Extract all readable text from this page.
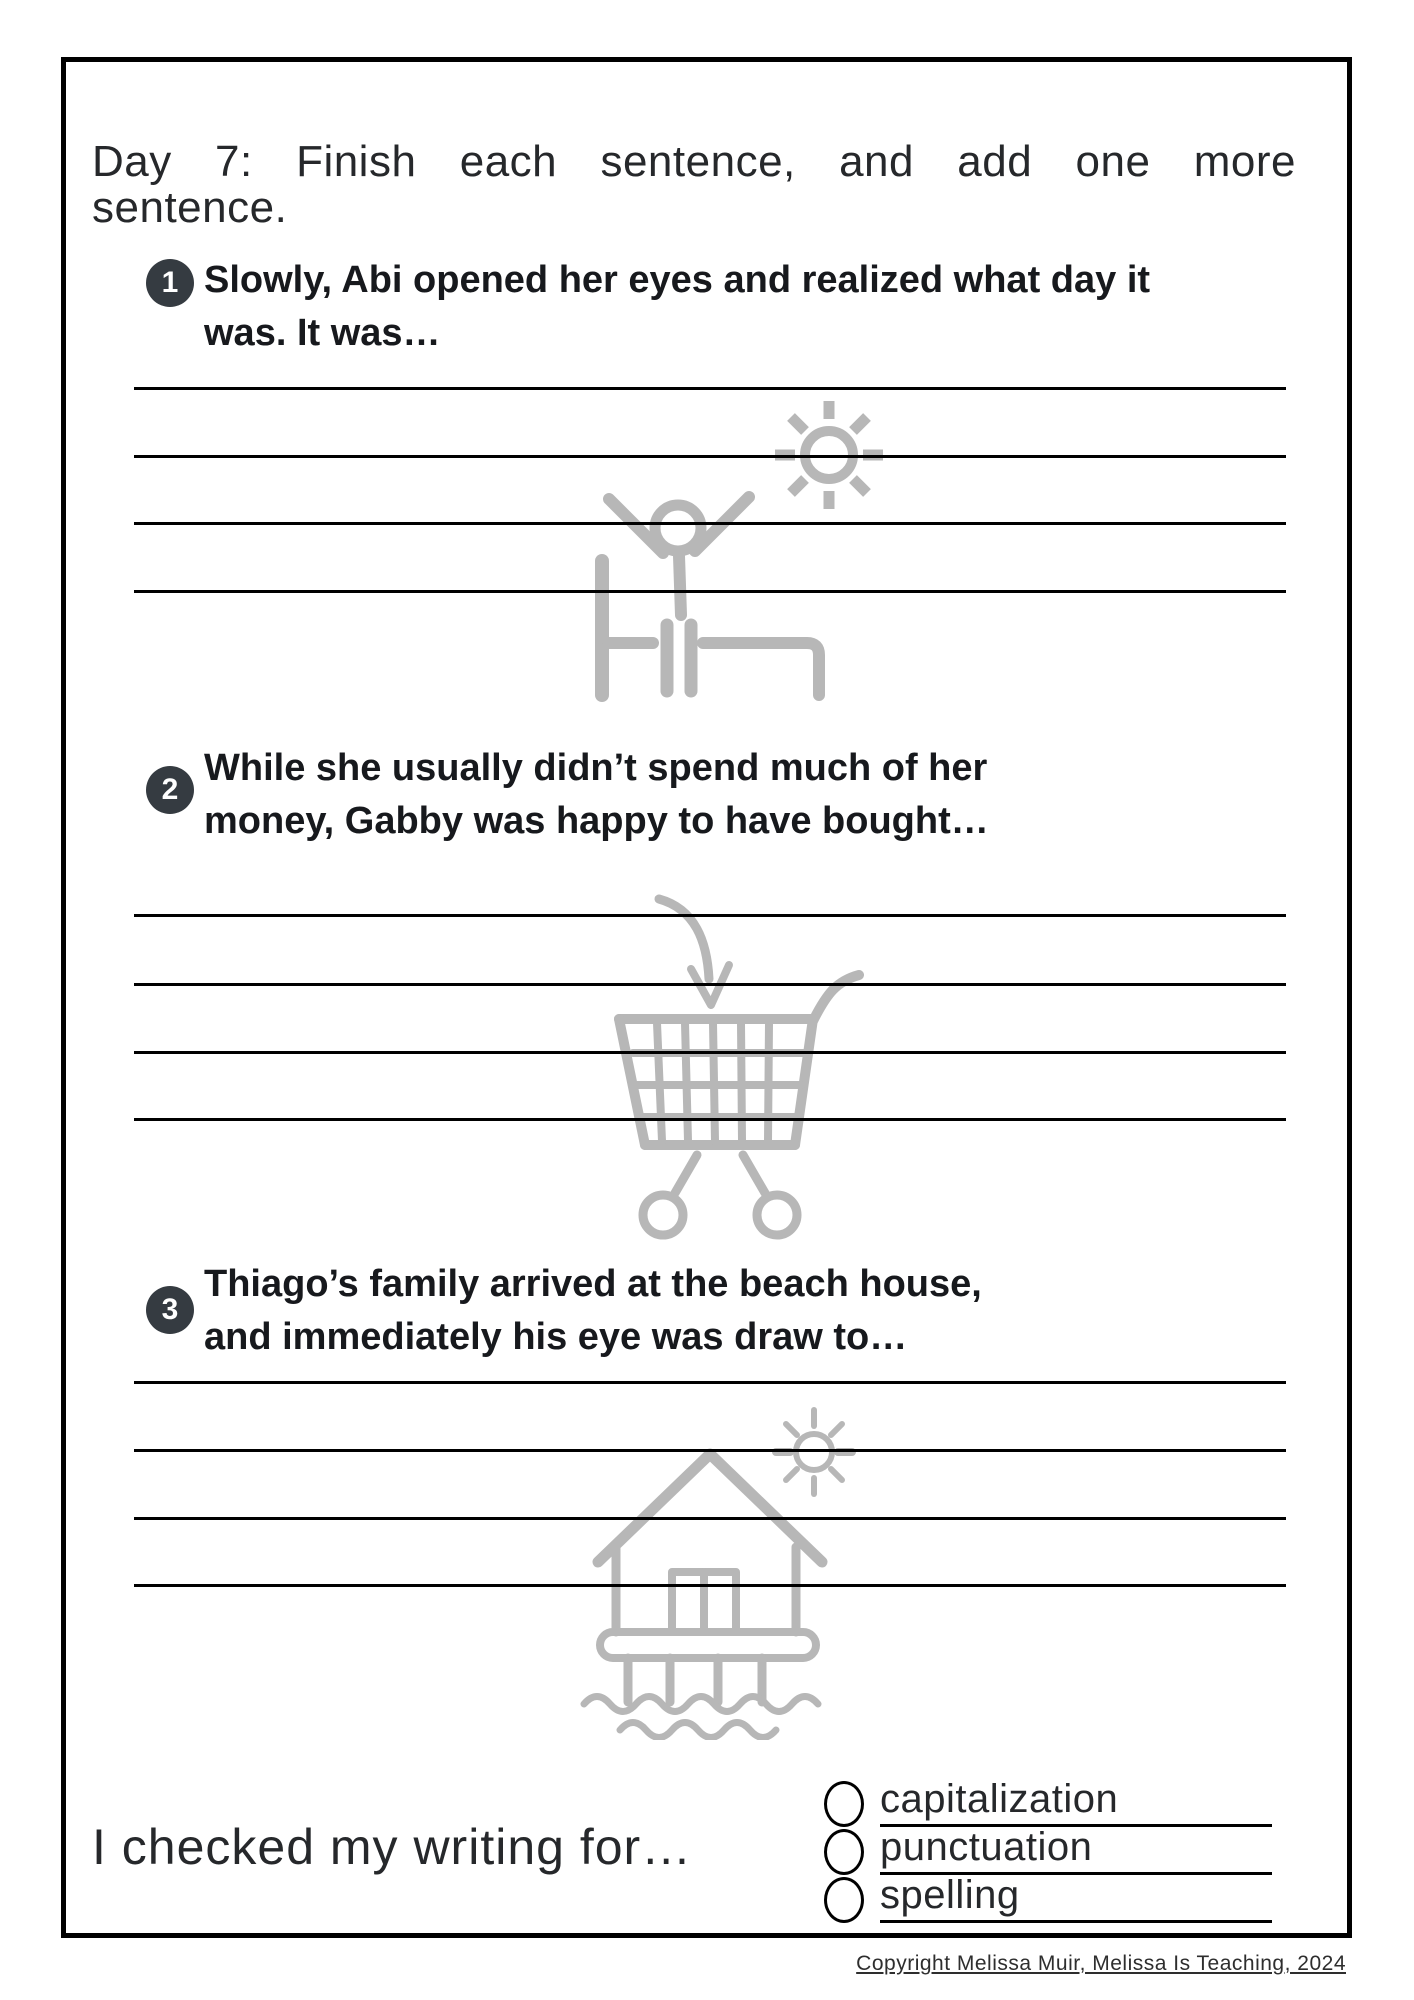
Day 7: Finish each sentence, and add one more
sentence.
1 Slowly, Abi opened her eyes and realized what day it
was. It was…
2
While she usually didn’t spend much of her
money, Gabby was happy to have bought…
3
Thiago’s family arrived at the beach house,
and immediately his eye was draw to…
I checked my writing for…
capitalization
punctuation
spelling
Copyright Melissa Muir, Melissa Is Teaching, 2024
